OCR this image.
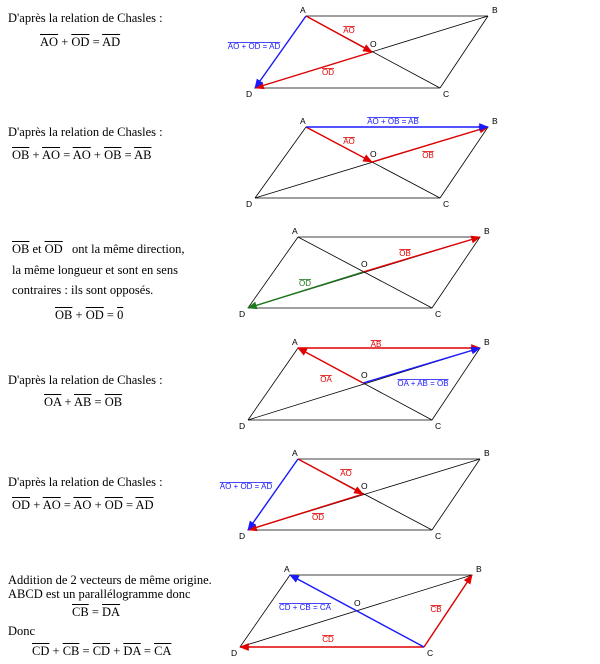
D'après la relation de Chasles :
$\overline{AO} + \overline{OD} = \overline{AD}$
D'après la relation de Chasles :
$\overline{OB} + \overline{AO} = \overline{AO} + \overline{OB} = \overline{AB}$
$\overline{OB}$ et $\overline{OD}$ ont la même direction,
la même longueur et sont en sens
contraires : ils sont opposés.
$\overline{OB} + \overline{OD} = 0$
D'après la relation de Chasles :
$\overline{OA} + \overline{AB} = \overline{OB}$
D'après la relation de Chasles :
$\overline{OD} + \overline{AO} = \overline{AO} + \overline{OD} = \overline{AD}$
Addition de 2 vecteurs de même origine.
ABCD est un parallélogramme donc
$\overline{CB} = \overline{DA}$
Donc
$\overline{CD} + \overline{CB} = \overline{CD} + \overline{DA} = \overline{CA}$
AO
OD
AO + OD = AD
A	B
C
D
O
AO
OB
AO + OB = AB
A	B
C
D
O
OB
OD
A	B
C
D
O
OA
AB
OA + AB = OB
A	B
C
D
O
AO
OD
AO + OD = AD
A	B
C
D
O
CD
CB
CD + CB = CA
A	B
C
D
O
